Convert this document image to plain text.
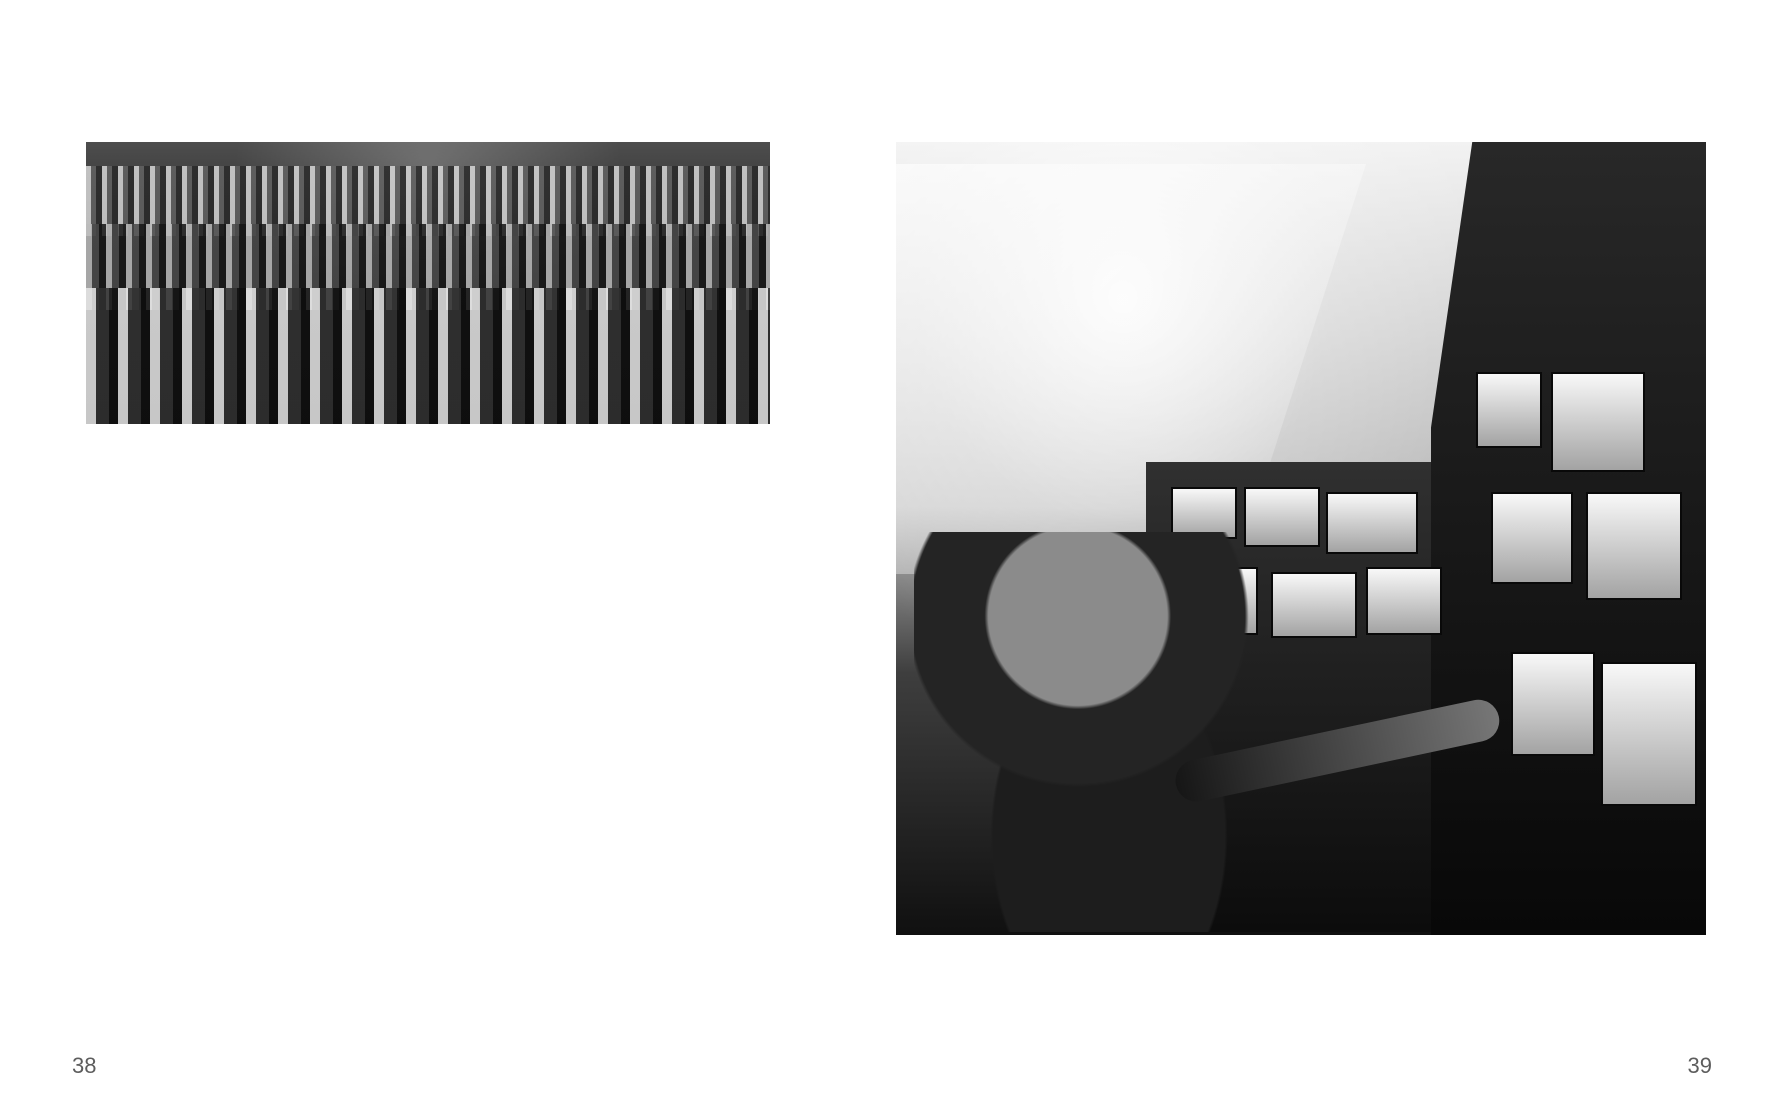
38	39
